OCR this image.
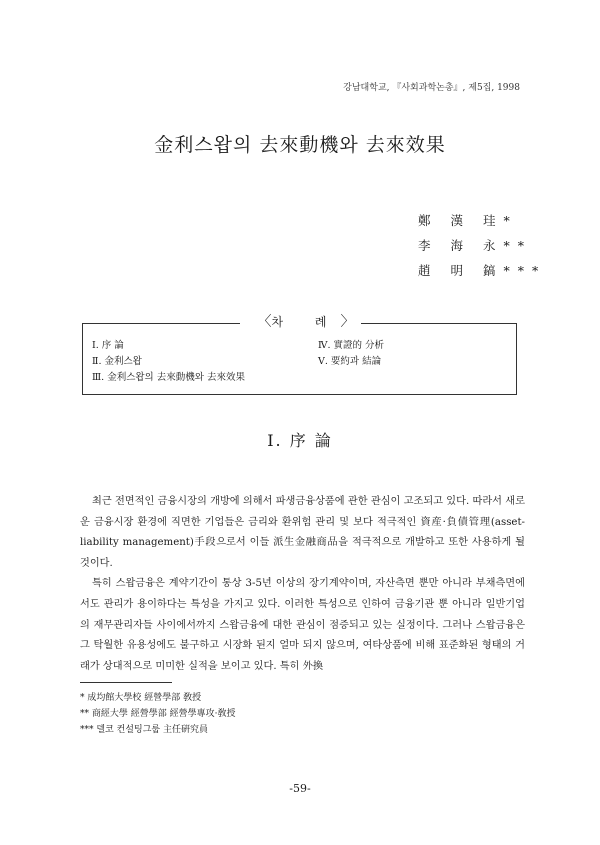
강남대학교, 『사회과학논총』, 제5집, 1998
金利스왑의 去來動機와 去來效果
鄭 漢 珪*
李 海 永**
趙 明 鎬***
〈차 례〉
Ⅰ. 序 論
Ⅱ. 金利스왑
Ⅲ. 金利스왑의 去來動機와 去來效果
Ⅳ. 實證的 分析
Ⅴ. 要約과 結論
Ⅰ. 序 論

최근 전면적인 금융시장의 개방에 의해서 파생금융상품에 관한 관심이 고조되고 있다. 따라서 새로운 금융시장 환경에 직면한 기업들은 금리와 환위험 관리 및 보다 적극적인 資産·負債管理(asset-liability management)手段으로서 이들 派生金融商品을 적극적으로 개발하고 또한 사용하게 될 것이다.

특히 스왑금융은 계약기간이 통상 3-5년 이상의 장기계약이며, 자산측면 뿐만 아니라 부채측면에서도 관리가 용이하다는 특성을 가지고 있다. 이러한 특성으로 인하여 금융기관 뿐 아니라 일반기업의 재무관리자들 사이에서까지 스왑금융에 대한 관심이 점증되고 있는 실정이다. 그러나 스왑금융은 그 탁월한 유용성에도 불구하고 시장화 된지 얼마 되지 않으며, 여타상품에 비해 표준화된 형태의 거래가 상대적으로 미미한 실적을 보이고 있다. 특히 外換

* 成均館大學校 經營學部 敎授
** 商經大學 經營學部 經營學專攻·敎授
*** 델코 컨설팅그룹 主任硏究員
-59-
